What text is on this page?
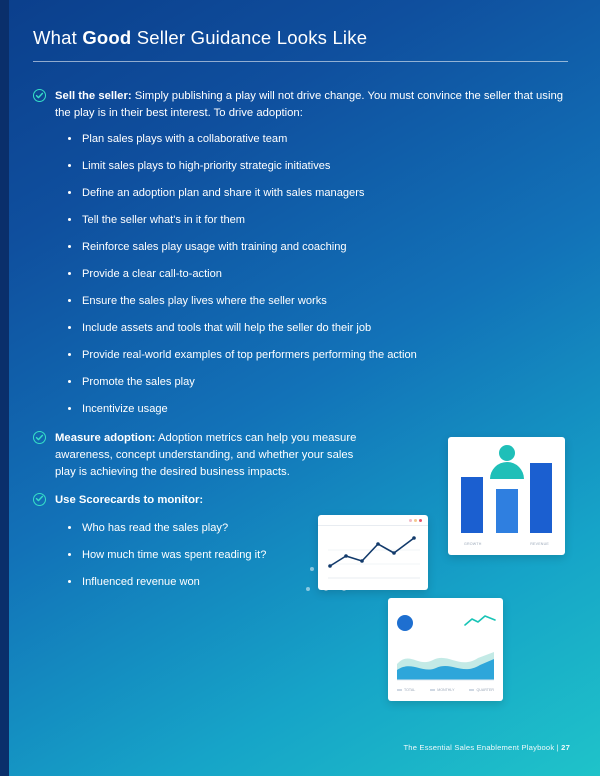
What Good Seller Guidance Looks Like
Sell the seller: Simply publishing a play will not drive change. You must convince the seller that using the play is in their best interest. To drive adoption:
Plan sales plays with a collaborative team
Limit sales plays to high-priority strategic initiatives
Define an adoption plan and share it with sales managers
Tell the seller what's in it for them
Reinforce sales play usage with training and coaching
Provide a clear call-to-action
Ensure the sales play lives where the seller works
Include assets and tools that will help the seller do their job
Provide real-world examples of top performers performing the action
Promote the sales play
Incentivize usage
Measure adoption: Adoption metrics can help you measure awareness, concept understanding, and whether your sales play is achieving the desired business impacts.
Use Scorecards to monitor:
Who has read the sales play?
How much time was spent reading it?
Influenced revenue won
GROWTH	REVENUE
TOTAL	MONTHLY	QUARTER
The Essential Sales Enablement Playbook | 27
